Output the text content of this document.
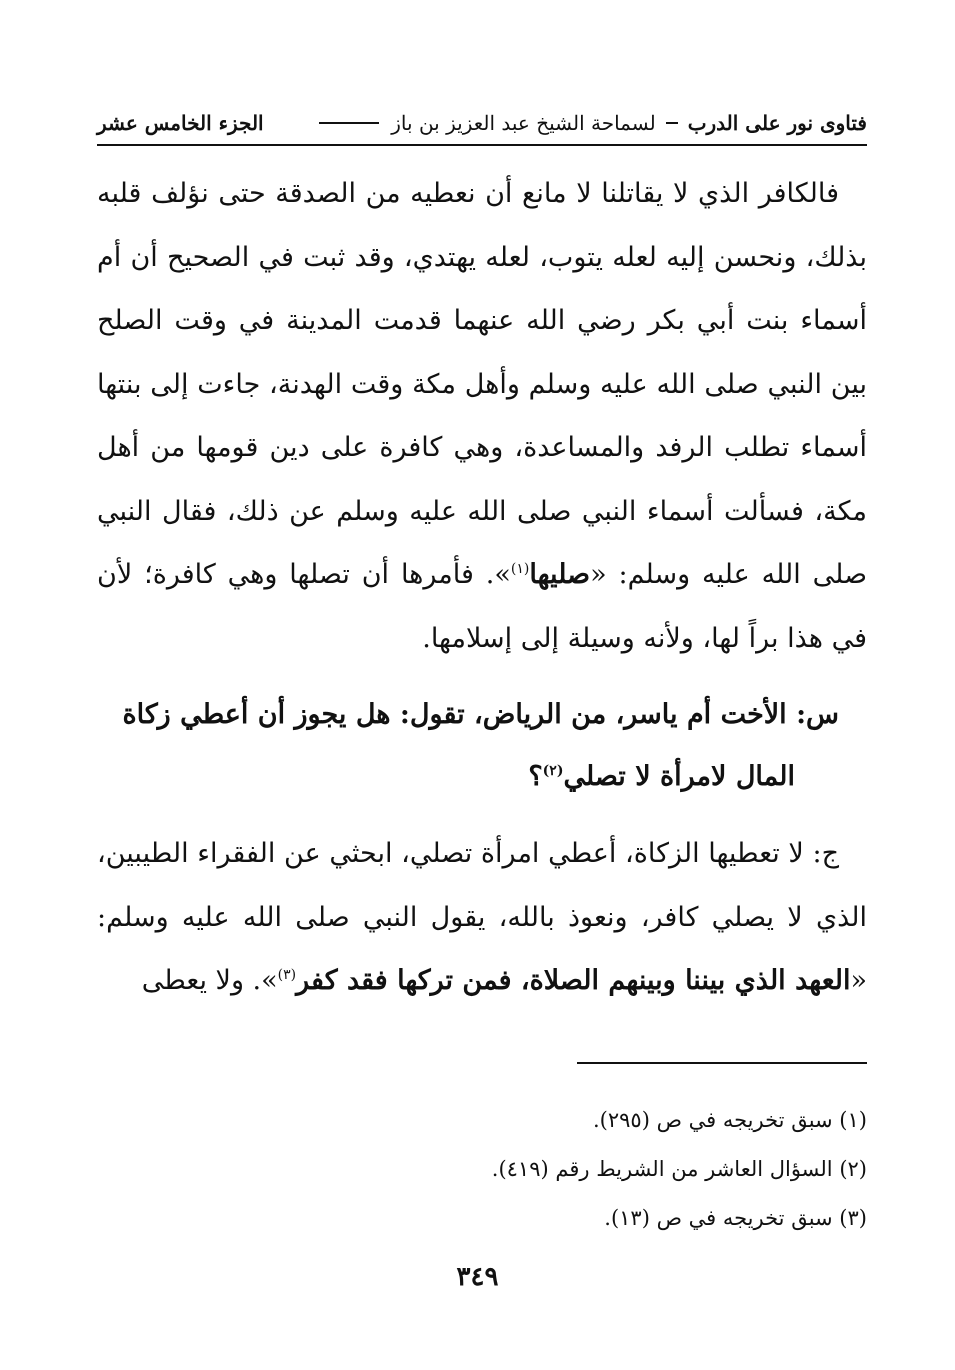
فتاوى نور على الدرب
لسماحة الشيخ عبد العزيز بن باز
الجزء الخامس عشر

فالكافر الذي لا يقاتلنا لا مانع أن نعطيه من الصدقة حتى نؤلف قلبه بذلك، ونحسن إليه لعله يتوب، لعله يهتدي، وقد ثبت في الصحيح أن أم أسماء بنت أبي بكر رضي الله عنهما قدمت المدينة في وقت الصلح بين النبي صلى الله عليه وسلم وأهل مكة وقت الهدنة، جاءت إلى بنتها أسماء تطلب الرفد والمساعدة، وهي كافرة على دين قومها من أهل مكة، فسألت أسماء النبي صلى الله عليه وسلم عن ذلك، فقال النبي صلى الله عليه وسلم: «صليها$^{(١)}$». فأمرها أن تصلها وهي كافرة؛ لأن في هذا براً لها، ولأنه وسيلة إلى إسلامها.

س: الأخت أم ياسر، من الرياض، تقول: هل يجوز أن أعطي زكاة
المال لامرأة لا تصلي$^{(٢)}$؟

ج: لا تعطيها الزكاة، أعطي امرأة تصلي، ابحثي عن الفقراء الطيبين، الذي لا يصلي كافر، ونعوذ بالله، يقول النبي صلى الله عليه وسلم: «العهد الذي بيننا وبينهم الصلاة، فمن تركها فقد كفر$^{(٣)}$». ولا يعطى

(١) سبق تخريجه في ص (٢٩٥).

(٢) السؤال العاشر من الشريط رقم (٤١٩).

(٣) سبق تخريجه في ص (١٣).

٣٤٩
